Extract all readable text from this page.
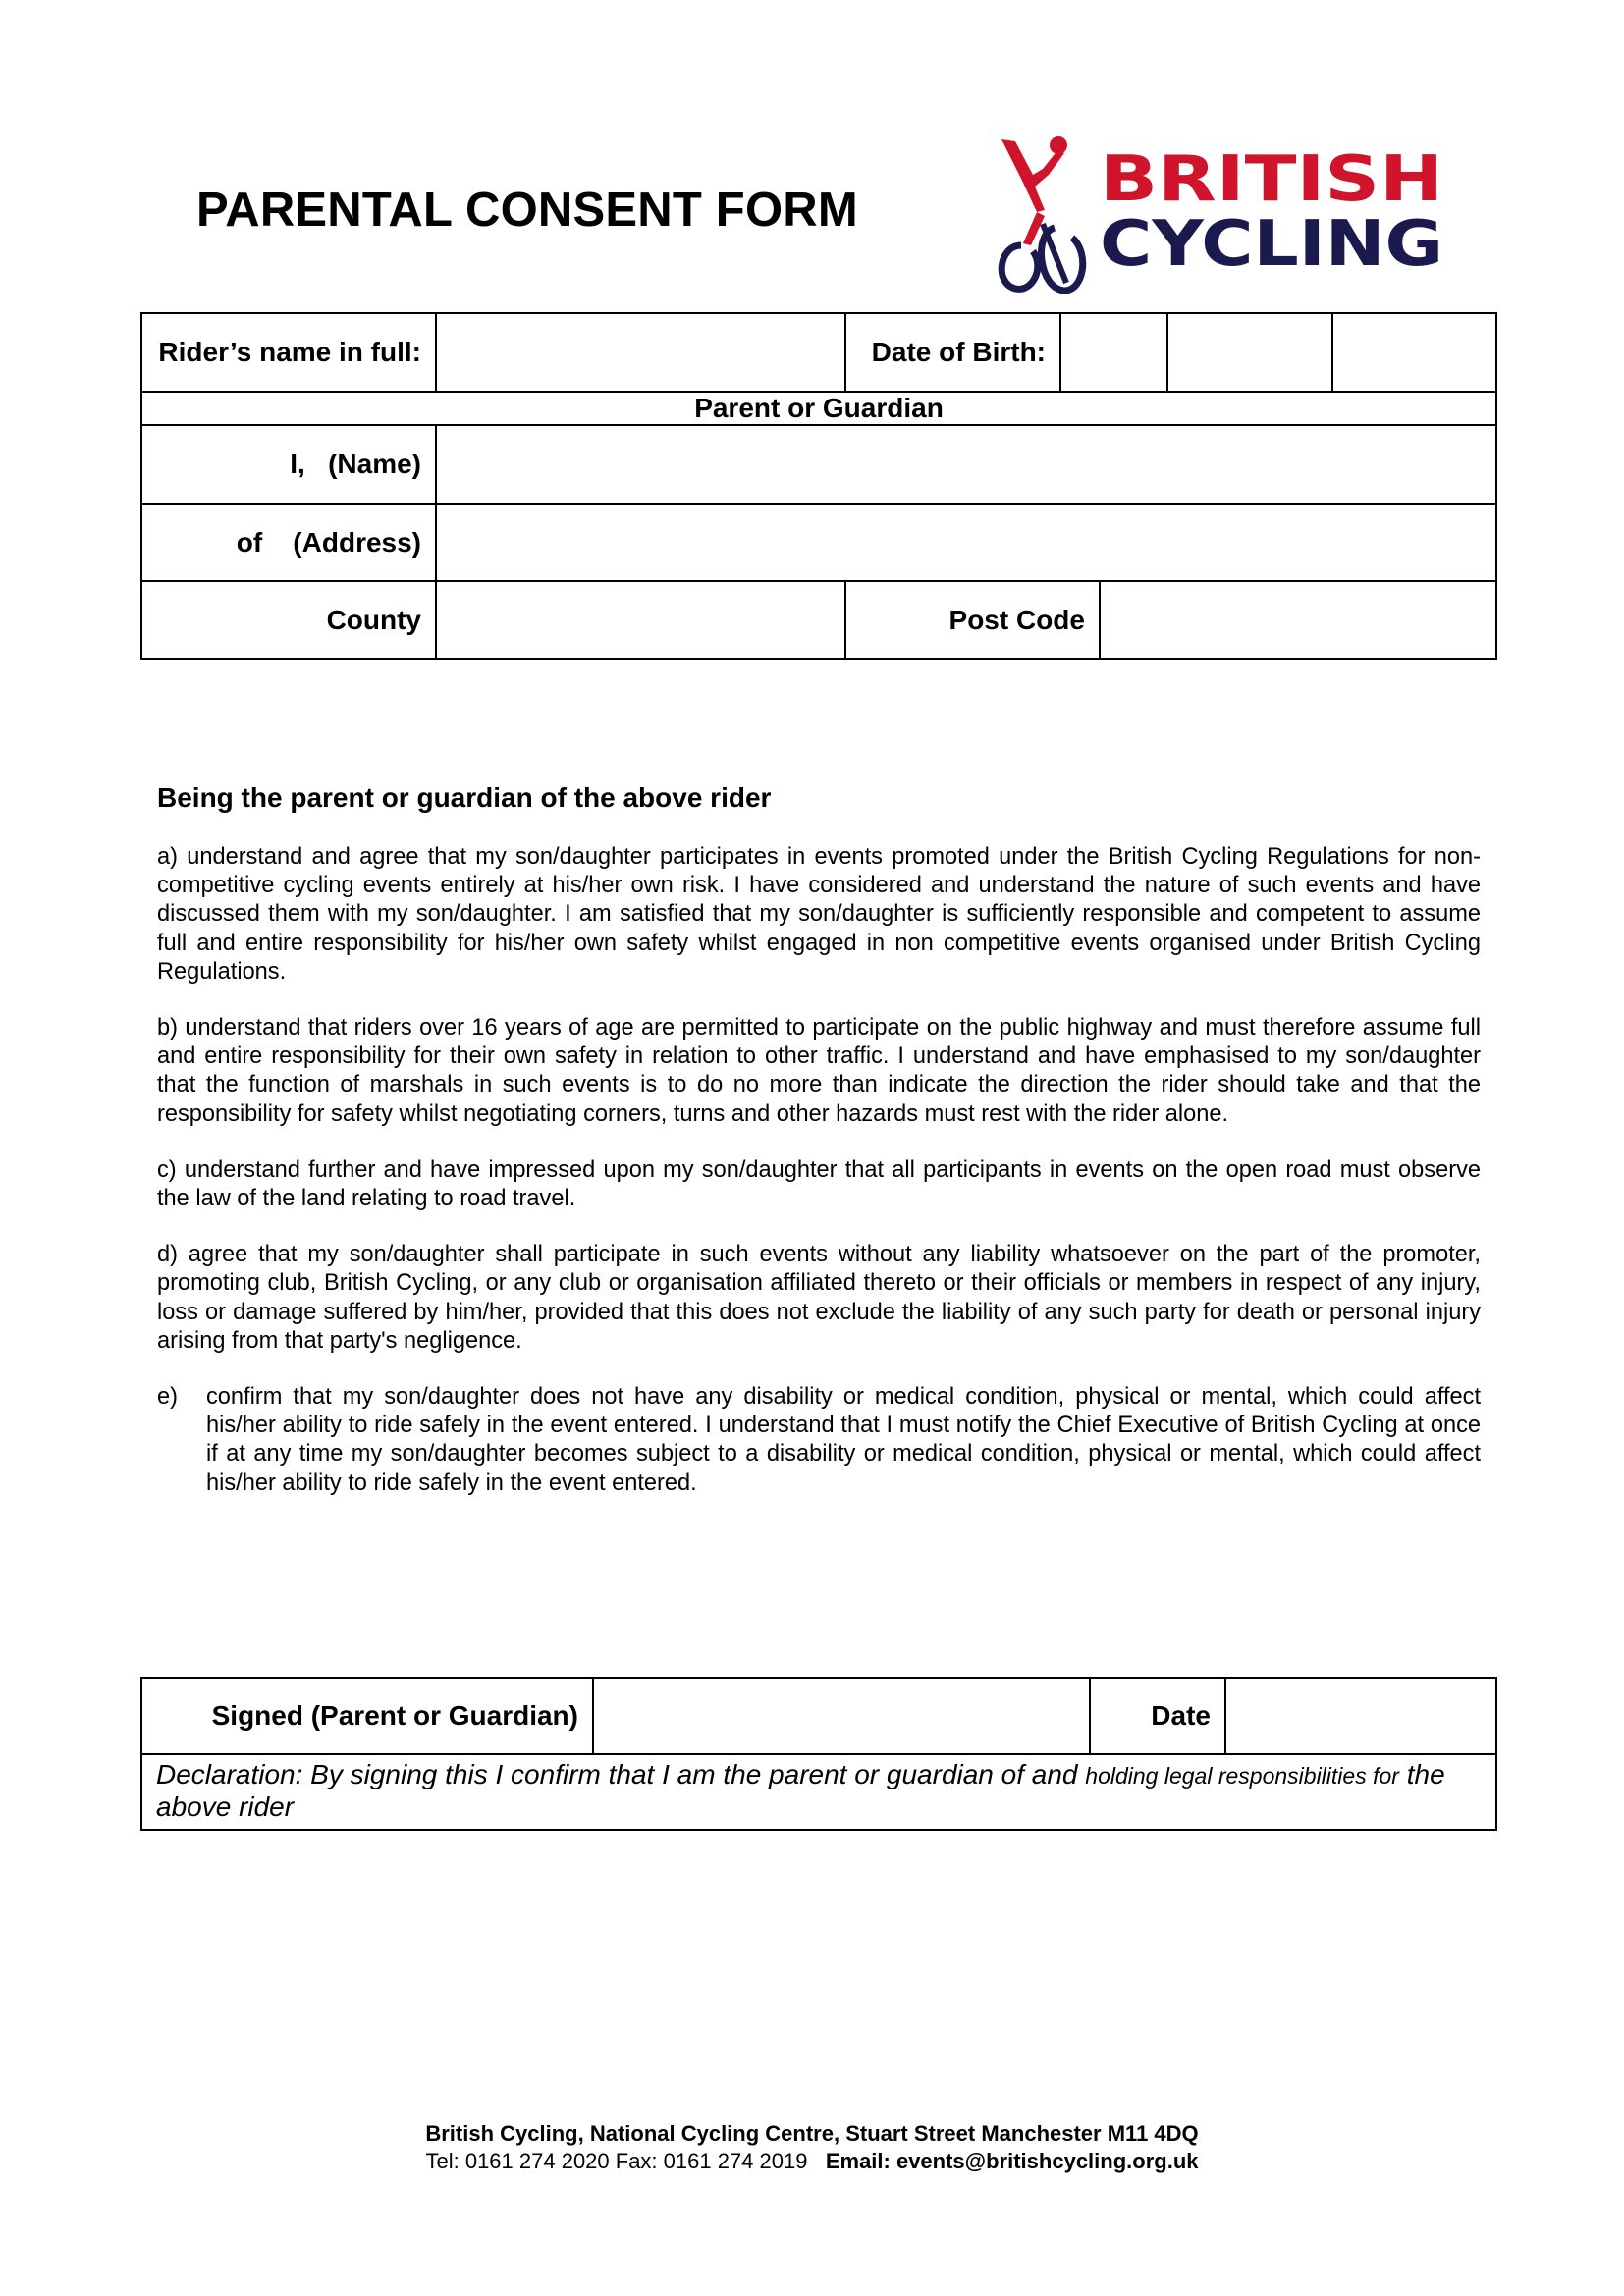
PARENTAL CONSENT FORM	BRITISH
CYCLING
Rider’s name in full:		Date of Birth:				
Parent or Guardian						
I,   (Name)						
of    (Address)						
County		Post Code				
Being the parent or guardian of the above rider

a) understand and agree that my son/daughter participates in events promoted under the British Cycling Regulations for non-competitive cycling events entirely at his/her own risk. I have considered and understand the nature of such events and have discussed them with my son/daughter. I am satisfied that my son/daughter is sufficiently responsible and competent to assume full and entire responsibility for his/her own safety whilst engaged in non competitive events organised under British Cycling Regulations.

b) understand that riders over 16 years of age are permitted to participate on the public highway and must therefore assume full and entire responsibility for their own safety in relation to other traffic. I understand and have emphasised to my son/daughter that the function of marshals in such events is to do no more than indicate the direction the rider should take and that the responsibility for safety whilst negotiating corners, turns and other hazards must rest with the rider alone.

c) understand further and have impressed upon my son/daughter that all participants in events on the open road must observe the law of the land relating to road travel.

d) agree that my son/daughter shall participate in such events without any liability whatsoever on the part of the promoter, promoting club, British Cycling, or any club or organisation affiliated thereto or their officials or members in respect of any injury, loss or damage suffered by him/her, provided that this does not exclude the liability of any such party for death or personal injury arising from that party's negligence.

e)	confirm that my son/daughter does not have any disability or medical condition, physical or mental, which could affect his/her ability to ride safely in the event entered. I understand that I must notify the Chief Executive of British Cycling at once if at any time my son/daughter becomes subject to a disability or medical condition, physical or mental, which could affect his/her ability to ride safely in the event entered.
Signed (Parent or Guardian)		Date	
Declaration: By signing this I confirm that I am the parent or guardian of and holding legal responsibilities for the above rider
British Cycling, National Cycling Centre, Stuart Street Manchester M11 4DQ
Tel: 0161 274 2020 Fax: 0161 274 2019 Email: events@britishcycling.org.uk
